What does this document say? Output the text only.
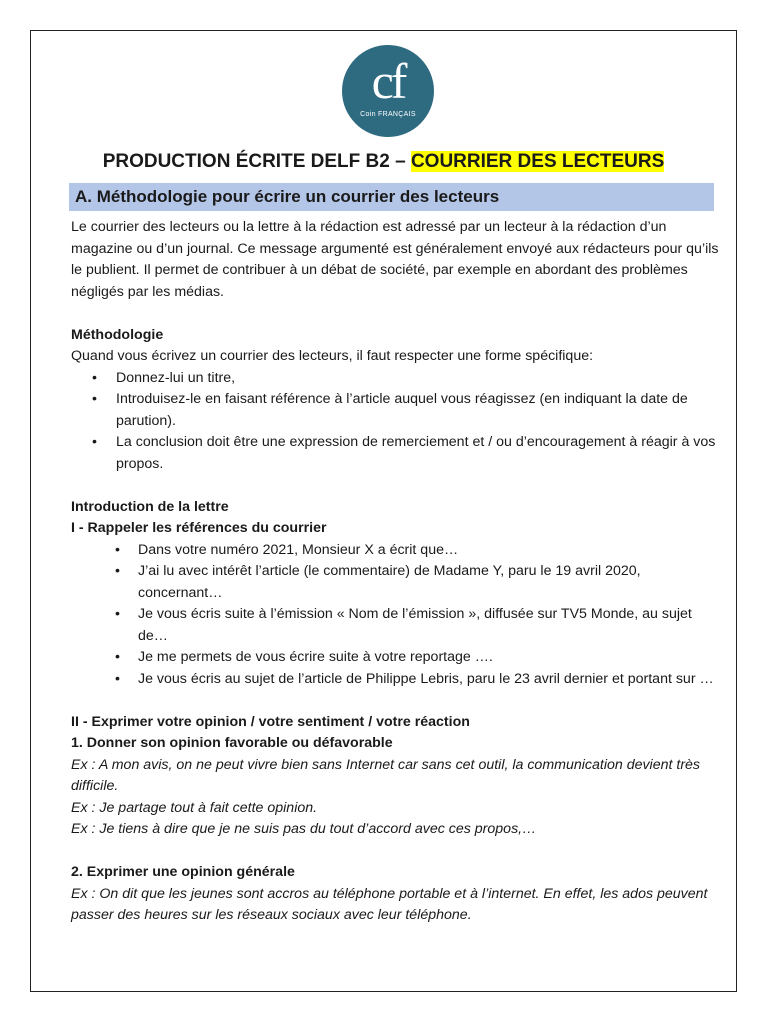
cf
Coin FRANÇAIS
PRODUCTION ÉCRITE DELF B2 – COURRIER DES LECTEURS
A. Méthodologie pour écrire un courrier des lecteurs

Le courrier des lecteurs ou la lettre à la rédaction est adressé par un lecteur à la rédaction d’un magazine ou d’un journal. Ce message argumenté est généralement envoyé aux rédacteurs pour qu’ils le publient. Il permet de contribuer à un débat de société, par exemple en abordant des problèmes négligés par les médias.

Méthodologie

Quand vous écrivez un courrier des lecteurs, il faut respecter une forme spécifique:

• Donnez-lui un titre,
• Introduisez-le en faisant référence à l’article auquel vous réagissez (en indiquant la date de parution).
• La conclusion doit être une expression de remerciement et / ou d’encouragement à réagir à vos propos.

Introduction de la lettre

I - Rappeler les références du courrier

• Dans votre numéro 2021, Monsieur X a écrit que…
• J’ai lu avec intérêt l’article (le commentaire) de Madame Y, paru le 19 avril 2020, concernant…
• Je vous écris suite à l’émission « Nom de l’émission », diffusée sur TV5 Monde, au sujet de…
• Je me permets de vous écrire suite à votre reportage ….
• Je vous écris au sujet de l’article de Philippe Lebris, paru le 23 avril dernier et portant sur …

II - Exprimer votre opinion / votre sentiment / votre réaction

1. Donner son opinion favorable ou défavorable

Ex : A mon avis, on ne peut vivre bien sans Internet car sans cet outil, la communication devient très difficile.

Ex : Je partage tout à fait cette opinion.

Ex : Je tiens à dire que je ne suis pas du tout d’accord avec ces propos,…

2. Exprimer une opinion générale

Ex : On dit que les jeunes sont accros au téléphone portable et à l’internet. En effet, les ados peuvent passer des heures sur les réseaux sociaux avec leur téléphone.
